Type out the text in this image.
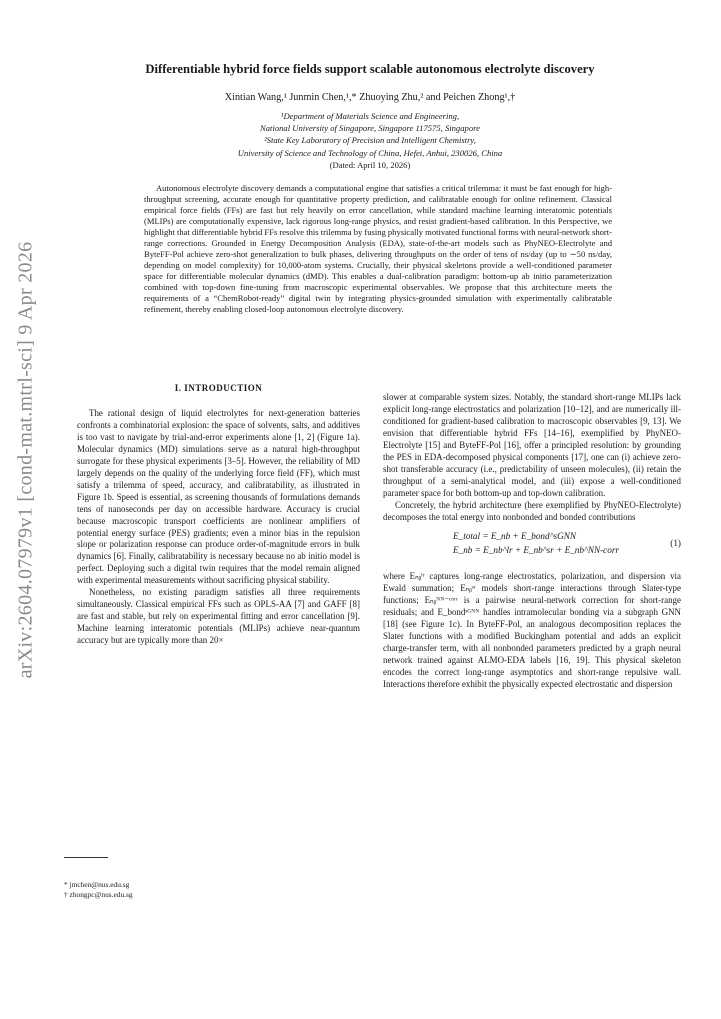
arXiv:2604.07979v1 [cond-mat.mtrl-sci] 9 Apr 2026
Differentiable hybrid force fields support scalable autonomous electrolyte discovery
Xintian Wang,¹ Junmin Chen,¹,* Zhuoying Zhu,² and Peichen Zhong¹,†
¹Department of Materials Science and Engineering,
National University of Singapore, Singapore 117575, Singapore
²State Key Laboratory of Precision and Intelligent Chemistry,
University of Science and Technology of China, Hefei, Anhui, 230026, China
(Dated: April 10, 2026)

Autonomous electrolyte discovery demands a computational engine that satisfies a critical trilemma: it must be fast enough for high-throughput screening, accurate enough for quantitative property prediction, and calibratable enough for online refinement. Classical empirical force fields (FFs) are fast but rely heavily on error cancellation, while standard machine learning interatomic potentials (MLIPs) are computationally expensive, lack rigorous long-range physics, and resist gradient-based calibration. In this Perspective, we highlight that differentiable hybrid FFs resolve this trilemma by fusing physically motivated functional forms with neural-network short-range corrections. Grounded in Energy Decomposition Analysis (EDA), state-of-the-art models such as PhyNEO-Electrolyte and ByteFF-Pol achieve zero-shot generalization to bulk phases, delivering throughputs on the order of tens of ns/day (up to ∼50 ns/day, depending on model complexity) for 10,000-atom systems. Crucially, their physical skeletons provide a well-conditioned parameter space for differentiable molecular dynamics (dMD). This enables a dual-calibration paradigm: bottom-up ab initio parameterization combined with top-down fine-tuning from macroscopic experimental observables. We propose that this architecture meets the requirements of a “ChemRobot-ready” digital twin by integrating physics-grounded simulation with experimentally calibratable refinement, thereby enabling closed-loop autonomous electrolyte discovery.

I. INTRODUCTION

The rational design of liquid electrolytes for next-generation batteries confronts a combinatorial explosion: the space of solvents, salts, and additives is too vast to navigate by trial-and-error experiments alone [1, 2] (Figure 1a). Molecular dynamics (MD) simulations serve as a natural high-throughput surrogate for these physical experiments [3–5]. However, the reliability of MD largely depends on the quality of the underlying force field (FF), which must satisfy a trilemma of speed, accuracy, and calibratability, as illustrated in Figure 1b. Speed is essential, as screening thousands of formulations demands tens of nanoseconds per day on accessible hardware. Accuracy is crucial because macroscopic transport coefficients are nonlinear amplifiers of potential energy surface (PES) gradients; even a minor bias in the repulsion slope or polarization response can produce order-of-magnitude errors in bulk dynamics [6]. Finally, calibratability is necessary because no ab initio model is perfect. Deploying such a digital twin requires that the model remain aligned with experimental measurements without sacrificing physical stability.

Nonetheless, no existing paradigm satisfies all three requirements simultaneously. Classical empirical FFs such as OPLS-AA [7] and GAFF [8] are fast and stable, but rely on experimental fitting and error cancellation [9]. Machine learning interatomic potentials (MLIPs) achieve near-quantum accuracy but are typically more than 20×

slower at comparable system sizes. Notably, the standard short-range MLIPs lack explicit long-range electrostatics and polarization [10–12], and are numerically ill-conditioned for gradient-based calibration to macroscopic observables [9, 13]. We envision that differentiable hybrid FFs [14–16], exemplified by PhyNEO-Electrolyte [15] and ByteFF-Pol [16], offer a principled resolution: by grounding the PES in EDA-decomposed physical components [17], one can (i) achieve zero-shot transferable accuracy (i.e., predictability of unseen molecules), (ii) retain the throughput of a semi-analytical model, and (iii) expose a well-conditioned parameter space for both bottom-up and top-down calibration.

Concretely, the hybrid architecture (here exemplified by PhyNEO-Electrolyte) decomposes the total energy into nonbonded and bonded contributions

E_total = E_nb + E_bond^sGNN
E_nb = E_nb^lr + E_nb^sr + E_nb^NN-corr
(1)

where Eₙᵦˡʳ captures long-range electrostatics, polarization, and dispersion via Ewald summation; Eₙᵦˢʳ models short-range interactions through Slater-type functions; Eₙᵦᴺᴺ⁻ᶜᵒʳʳ is a pairwise neural-network correction for short-range residuals; and E_bondˢᴳᴺᴺ handles intramolecular bonding via a subgraph GNN [18] (see Figure 1c). In ByteFF-Pol, an analogous decomposition replaces the Slater functions with a modified Buckingham potential and adds an explicit charge-transfer term, with all nonbonded parameters predicted by a graph neural network trained against ALMO-EDA labels [16, 19]. This physical skeleton encodes the correct long-range asymptotics and short-range repulsive wall. Interactions therefore exhibit the physically expected electrostatic and dispersion

* jmchen@nus.edu.sg
† zhongpc@nus.edu.sg
